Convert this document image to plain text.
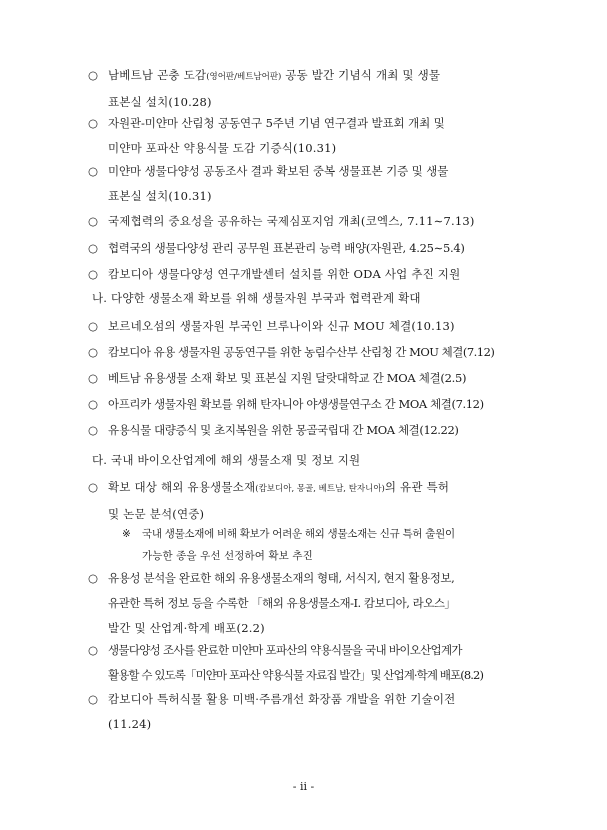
○ 남베트남 곤충 도감(영어판/베트남어판) 공동 발간 기념식 개최 및 생물
표본실 설치(10.28)
○ 자원관-미얀마 산림청 공동연구 5주년 기념 연구결과 발표회 개최 및
미얀마 포파산 약용식물 도감 기증식(10.31)
○ 미얀마 생물다양성 공동조사 결과 확보된 중복 생물표본 기증 및 생물
표본실 설치(10.31)
○ 국제협력의 중요성을 공유하는 국제심포지엄 개최(코엑스, 7.11∼7.13)
○ 협력국의 생물다양성 관리 공무원 표본관리 능력 배양(자원관, 4.25∼5.4)
○ 캄보디아 생물다양성 연구개발센터 설치를 위한 ODA 사업 추진 지원
나. 다양한 생물소재 확보를 위해 생물자원 부국과 협력관계 확대
○ 보르네오섬의 생물자원 부국인 브루나이와 신규 MOU 체결(10.13)
○ 캄보디아 유용 생물자원 공동연구를 위한 농림수산부 산림청 간 MOU 체결(7.12)
○ 베트남 유용생물 소재 확보 및 표본실 지원 달랏대학교 간 MOA 체결(2.5)
○ 아프리카 생물자원 확보를 위해 탄자니아 야생생물연구소 간 MOA 체결(7.12)
○ 유용식물 대량증식 및 초지복원을 위한 몽골국립대 간 MOA 체결(12.22)
다. 국내 바이오산업계에 해외 생물소재 및 정보 지원
○ 확보 대상 해외 유용생물소재(캄보디아, 몽골, 베트남, 탄자니아)의 유관 특허
및 논문 분석(연중)
※ 국내 생물소재에 비해 확보가 어려운 해외 생물소재는 신규 특허 출원이
가능한 종을 우선 선정하여 확보 추진
○ 유용성 분석을 완료한 해외 유용생물소재의 형태, 서식지, 현지 활용정보,
유관한 특허 정보 등을 수록한 「해외 유용생물소재-I. 캄보디아, 라오스」
발간 및 산업계·학계 배포(2.2)
○ 생물다양성 조사를 완료한 미얀마 포파산의 약용식물을 국내 바이오산업계가
활용할 수 있도록「미얀마 포파산 약용식물 자료집 발간」및 산업계·학계 배포(8.2)
○ 캄보디아 특허식물 활용 미백·주름개선 화장품 개발을 위한 기술이전
(11.24)
- ii -
